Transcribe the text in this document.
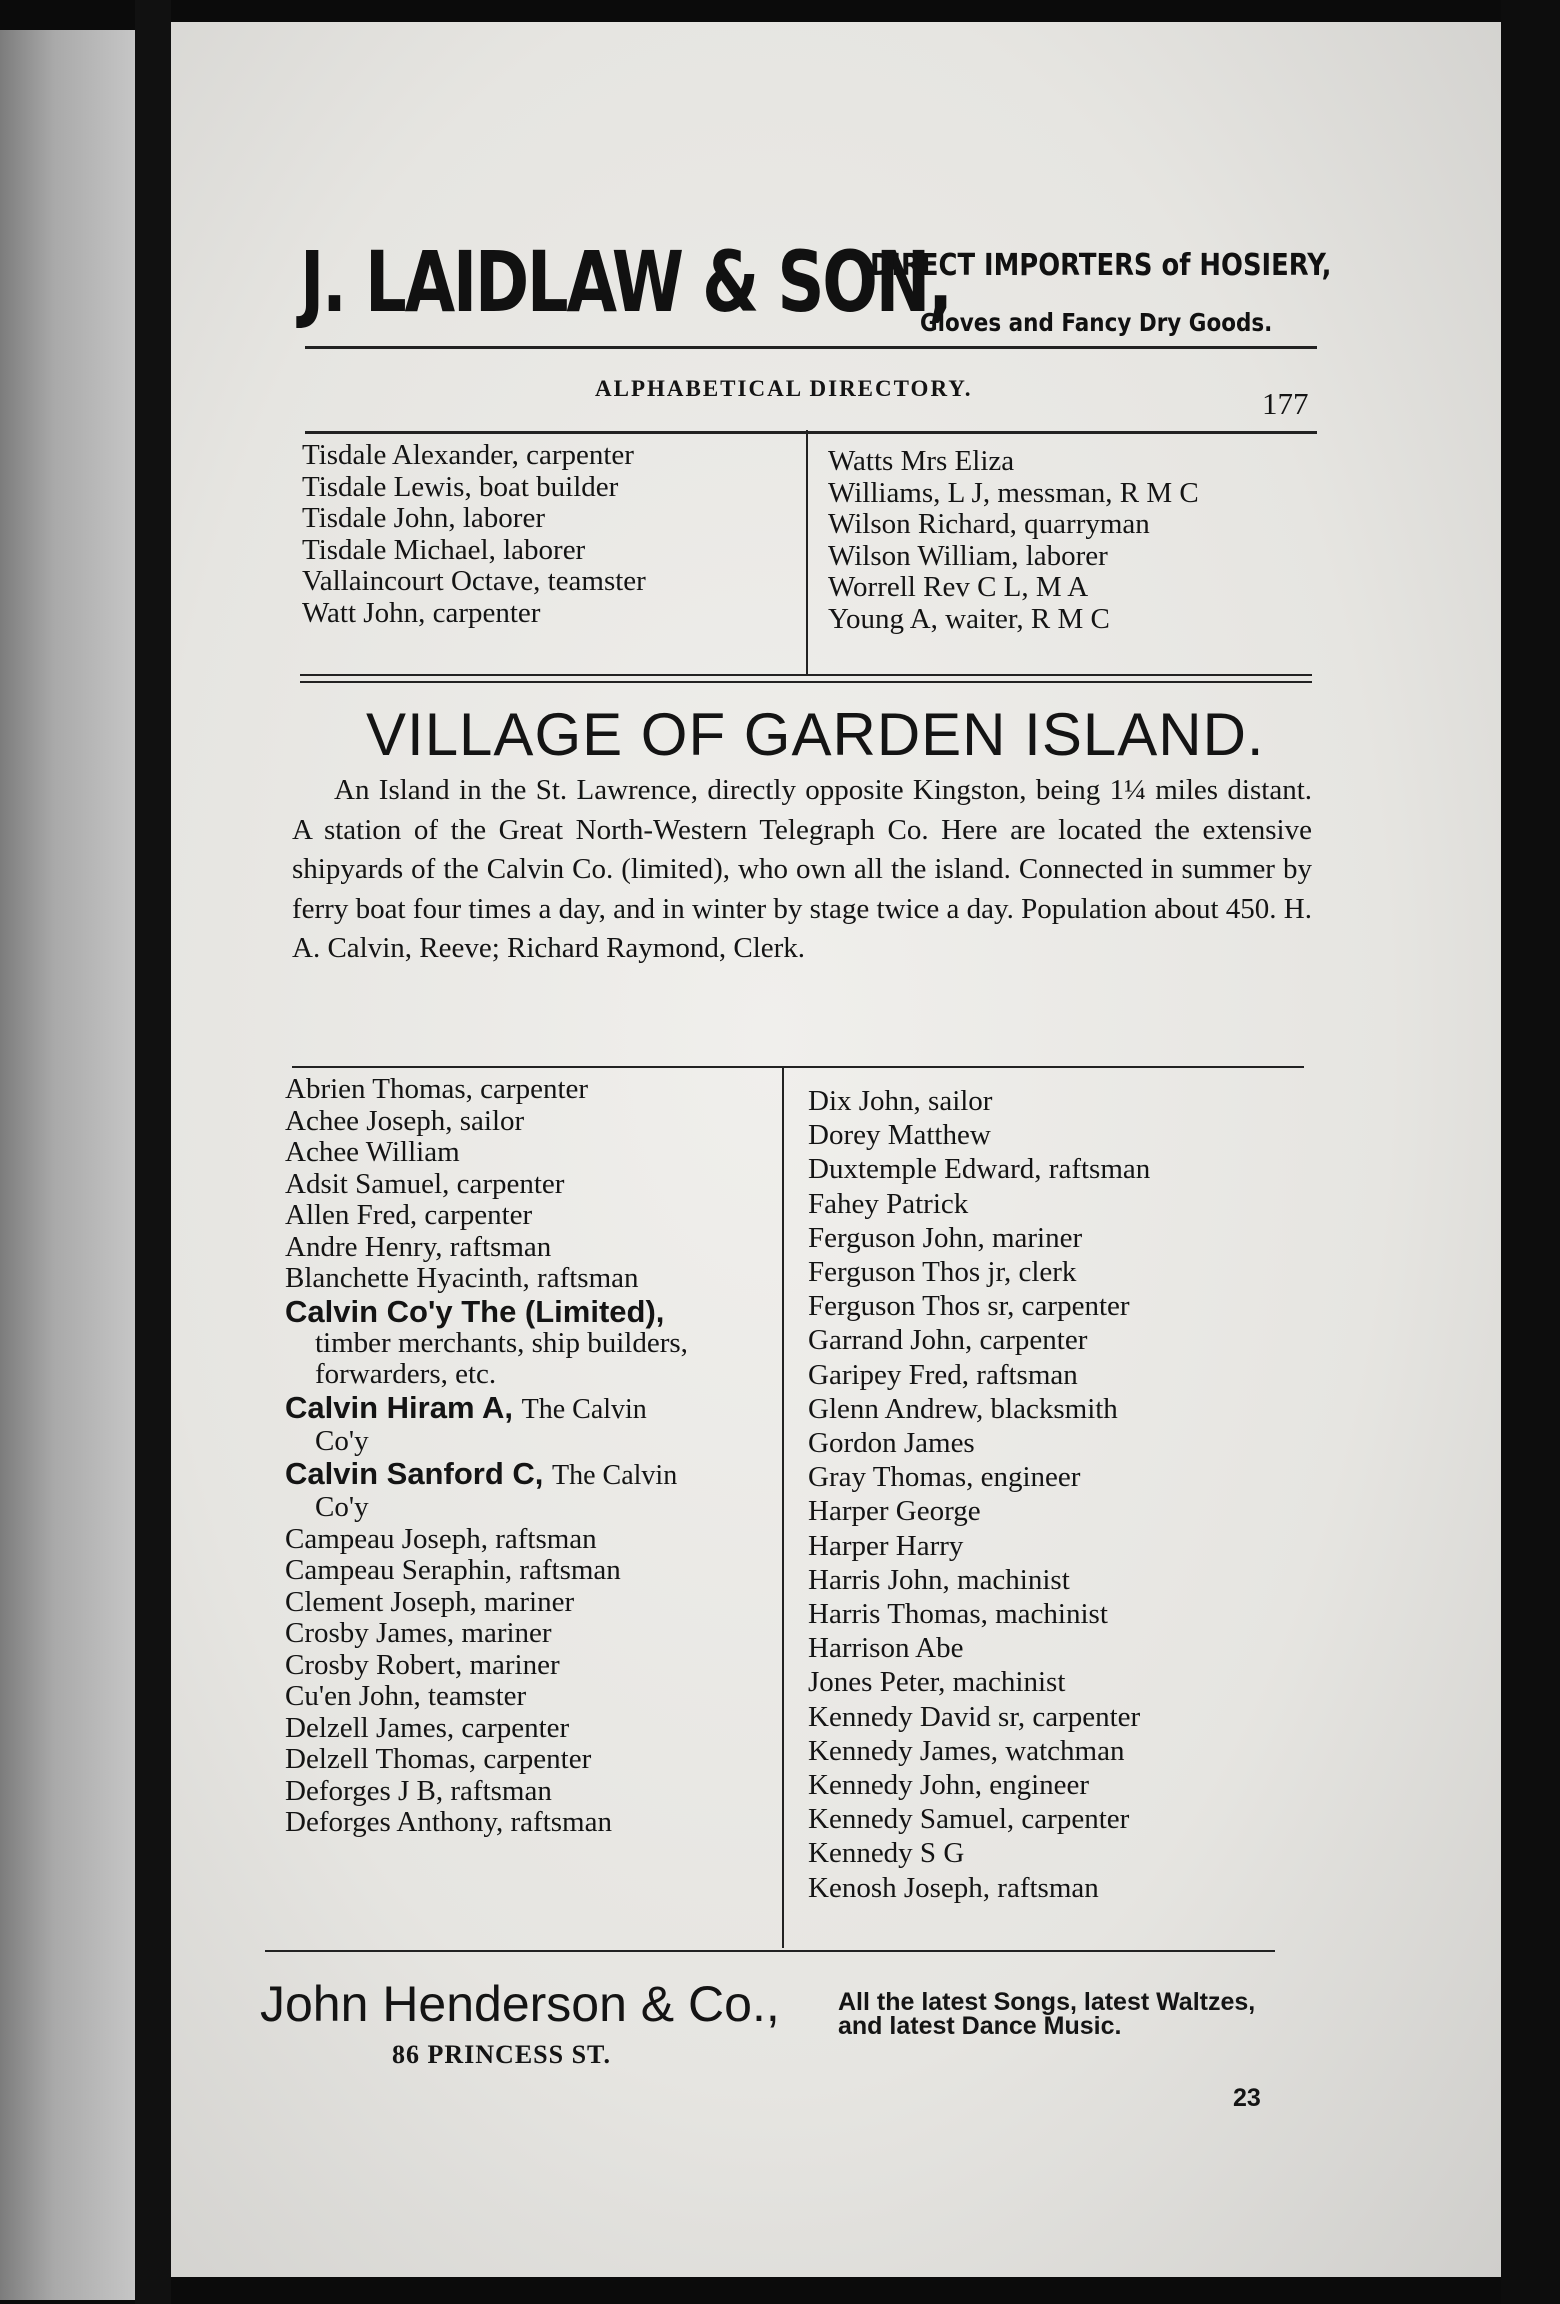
J. LAIDLAW & SON,
DIRECT IMPORTERS of HOSIERY,
Gloves and Fancy Dry Goods.
ALPHABETICAL DIRECTORY.	177
Tisdale Alexander, carpenter
Tisdale Lewis, boat builder
Tisdale John, laborer
Tisdale Michael, laborer
Vallaincourt Octave, teamster
Watt John, carpenter
Watts Mrs Eliza
Williams, L J, messman, R M C
Wilson Richard, quarryman
Wilson William, laborer
Worrell Rev C L, M A
Young A, waiter, R M C
VILLAGE OF GARDEN ISLAND.
An Island in the St. Lawrence, directly opposite Kingston, being 1¼ miles distant. A station of the Great North-Western Telegraph Co. Here are located the extensive shipyards of the Calvin Co. (limited), who own all the island. Connected in summer by ferry boat four times a day, and in winter by stage twice a day. Population about 450. H. A. Calvin, Reeve; Richard Raymond, Clerk.
Abrien Thomas, carpenter
Achee Joseph, sailor
Achee William
Adsit Samuel, carpenter
Allen Fred, carpenter
Andre Henry, raftsman
Blanchette Hyacinth, raftsman
Calvin Co'y The (Limited),
timber merchants, ship builders,
forwarders, etc.
Calvin Hiram A, The Calvin
Co'y
Calvin Sanford C, The Calvin
Co'y
Campeau Joseph, raftsman
Campeau Seraphin, raftsman
Clement Joseph, mariner
Crosby James, mariner
Crosby Robert, mariner
Cu'en John, teamster
Delzell James, carpenter
Delzell Thomas, carpenter
Deforges J B, raftsman
Deforges Anthony, raftsman
Dix John, sailor
Dorey Matthew
Duxtemple Edward, raftsman
Fahey Patrick
Ferguson John, mariner
Ferguson Thos jr, clerk
Ferguson Thos sr, carpenter
Garrand John, carpenter
Garipey Fred, raftsman
Glenn Andrew, blacksmith
Gordon James
Gray Thomas, engineer
Harper George
Harper Harry
Harris John, machinist
Harris Thomas, machinist
Harrison Abe
Jones Peter, machinist
Kennedy David sr, carpenter
Kennedy James, watchman
Kennedy John, engineer
Kennedy Samuel, carpenter
Kennedy S G
Kenosh Joseph, raftsman
John Henderson & Co.,
86 PRINCESS ST.
All the latest Songs, latest Waltzes, and latest Dance Music.
23
